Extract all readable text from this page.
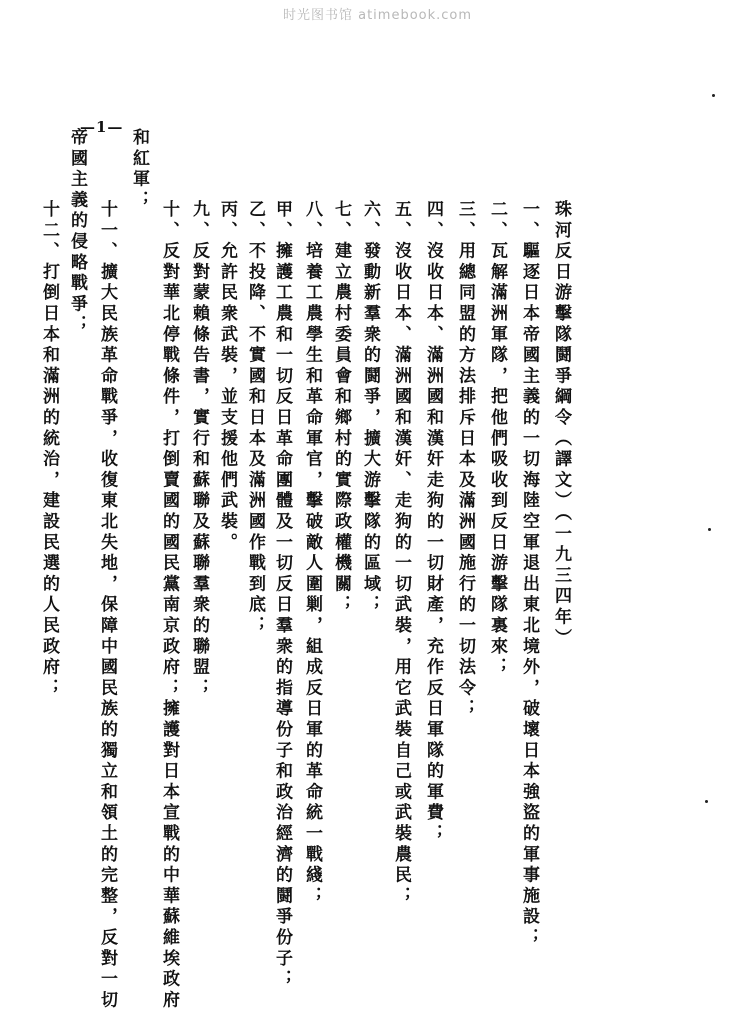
时光图书馆 atimebook.com
—1—
珠河反日游擊隊鬪爭綱令（譯文）（一九三四年）
一、驅逐日本帝國主義的一切海陸空軍退出東北境外，破壞日本強盜的軍事施設；
二、瓦解滿洲軍隊，把他們吸收到反日游擊隊裏來；
三、用總同盟的方法排斥日本及滿洲國施行的一切法令；
四、沒收日本、滿洲國和漢奸走狗的一切財產，充作反日軍隊的軍費；
五、沒收日本、滿洲國和漢奸、走狗的一切武裝，用它武裝自己或武裝農民；
六、發動新羣衆的鬪爭，擴大游擊隊的區域；
七、建立農村委員會和鄉村的實際政權機關；
八、培養工農學生和革命軍官，擊破敵人圍剿，組成反日軍的革命統一戰綫；
甲、擁護工農和一切反日革命團體及一切反日羣衆的指導份子和政治經濟的鬪爭份子；
乙、不投降、不實國和日本及滿洲國作戰到底；
丙、允許民衆武裝，並支援他們武裝。
九、反對蒙賴條告書，實行和蘇聯及蘇聯羣衆的聯盟；
十、反對華北停戰條件，打倒賣國的國民黨南京政府；擁護對日本宣戰的中華蘇維埃政府
和紅軍；
十一、擴大民族革命戰爭，收復東北失地，保障中國民族的獨立和領土的完整，反對一切
帝國主義的侵略戰爭；
十二、打倒日本和滿洲的統治，建設民選的人民政府；
